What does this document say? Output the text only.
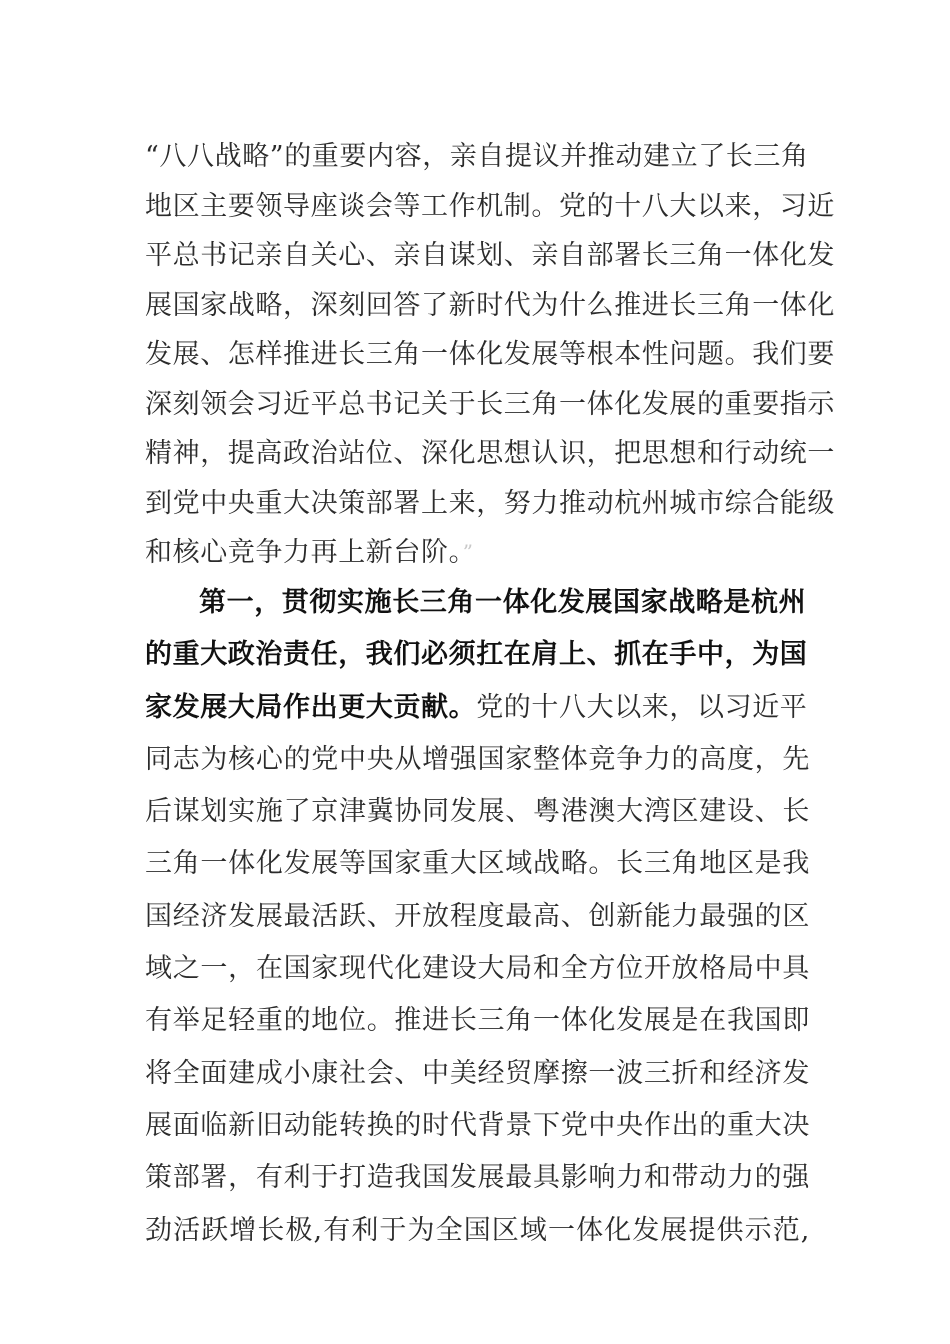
“八八战略”的重要内容，亲自提议并推动建立了长三角
地区主要领导座谈会等工作机制。党的十八大以来，习近
平总书记亲自关心、亲自谋划、亲自部署长三角一体化发
展国家战略，深刻回答了新时代为什么推进长三角一体化
发展、怎样推进长三角一体化发展等根本性问题。我们要
深刻领会习近平总书记关于长三角一体化发展的重要指示
精神，提高政治站位、深化思想认识，把思想和行动统一
到党中央重大决策部署上来，努力推动杭州城市综合能级
和核心竞争力再上新台阶。”
第一，贯彻实施长三角一体化发展国家战略是杭州
的重大政治责任，我们必须扛在肩上、抓在手中，为国
家发展大局作出更大贡献。党的十八大以来，以习近平
同志为核心的党中央从增强国家整体竞争力的高度，先
后谋划实施了京津冀协同发展、粤港澳大湾区建设、长
三角一体化发展等国家重大区域战略。长三角地区是我
国经济发展最活跃、开放程度最高、创新能力最强的区
域之一，在国家现代化建设大局和全方位开放格局中具
有举足轻重的地位。推进长三角一体化发展是在我国即
将全面建成小康社会、中美经贸摩擦一波三折和经济发
展面临新旧动能转换的时代背景下党中央作出的重大决
策部署，有利于打造我国发展最具影响力和带动力的强
劲活跃增长极,有利于为全国区域一体化发展提供示范,
